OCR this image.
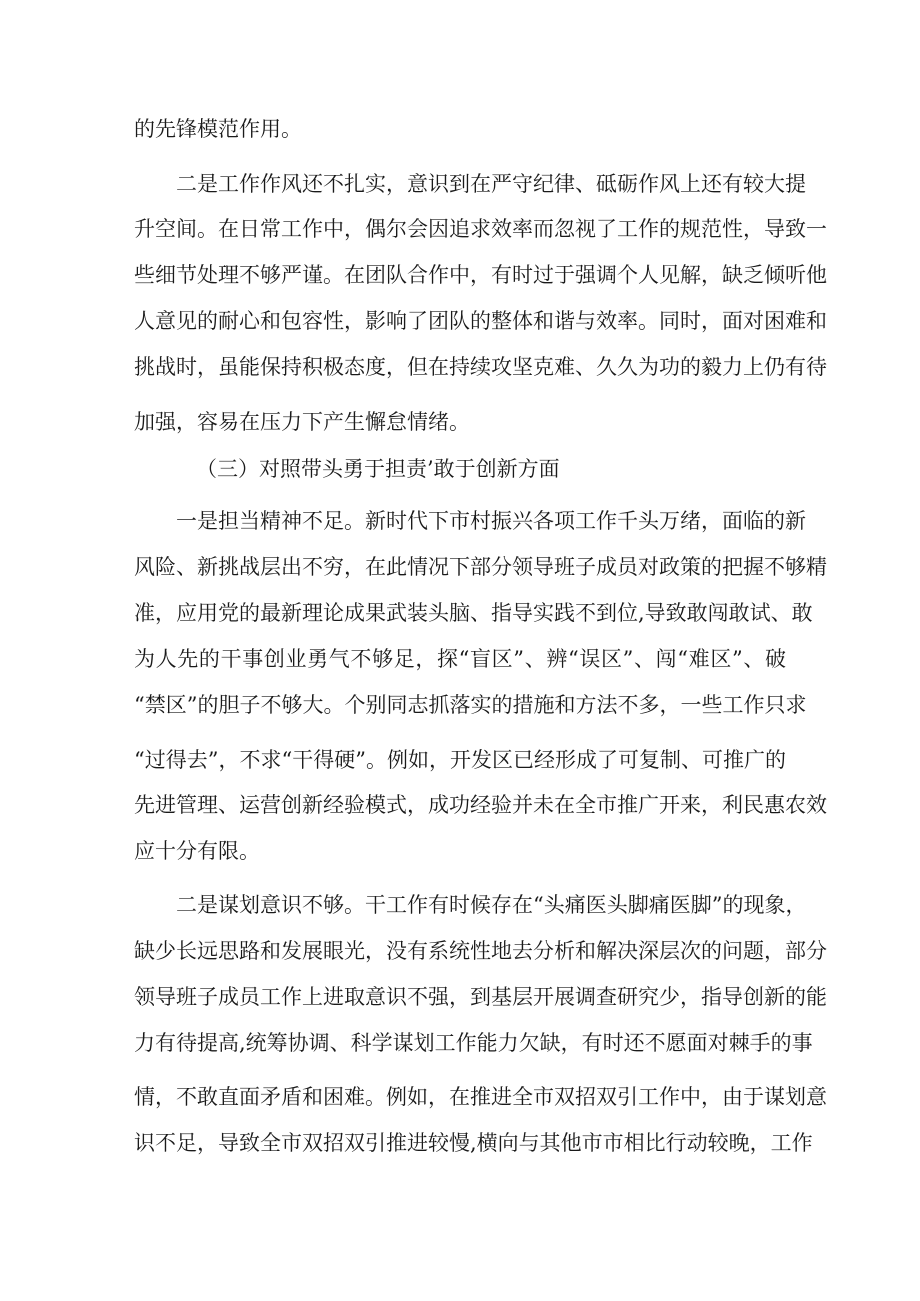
的先锋模范作用。
二是工作作风还不扎实，意识到在严守纪律、砥砺作风上还有较大提
升空间。在日常工作中，偶尔会因追求效率而忽视了工作的规范性，导致一
些细节处理不够严谨。在团队合作中，有时过于强调个人见解，缺乏倾听他
人意见的耐心和包容性，影响了团队的整体和谐与效率。同时，面对困难和
挑战时，虽能保持积极态度，但在持续攻坚克难、久久为功的毅力上仍有待
加强，容易在压力下产生懈怠情绪。
（三）对照带头勇于担责’敢于创新方面
一是担当精神不足。新时代下市村振兴各项工作千头万绪，面临的新
风险、新挑战层出不穷，在此情况下部分领导班子成员对政策的把握不够精
准，应用党的最新理论成果武装头脑、指导实践不到位,导致敢闯敢试、敢
为人先的干事创业勇气不够足，探“盲区”、辨“误区”、闯“难区”、破
“禁区”的胆子不够大。个别同志抓落实的措施和方法不多，一些工作只求
“过得去”，不求“干得硬”。例如，开发区已经形成了可复制、可推广的
先进管理、运营创新经验模式，成功经验并未在全市推广开来，利民惠农效
应十分有限。
二是谋划意识不够。干工作有时候存在“头痛医头脚痛医脚”的现象，
缺少长远思路和发展眼光，没有系统性地去分析和解决深层次的问题，部分
领导班子成员工作上进取意识不强，到基层开展调查研究少，指导创新的能
力有待提高,统筹协调、科学谋划工作能力欠缺，有时还不愿面对棘手的事
情，不敢直面矛盾和困难。例如，在推进全市双招双引工作中，由于谋划意
识不足，导致全市双招双引推进较慢,横向与其他市市相比行动较晚，工作
